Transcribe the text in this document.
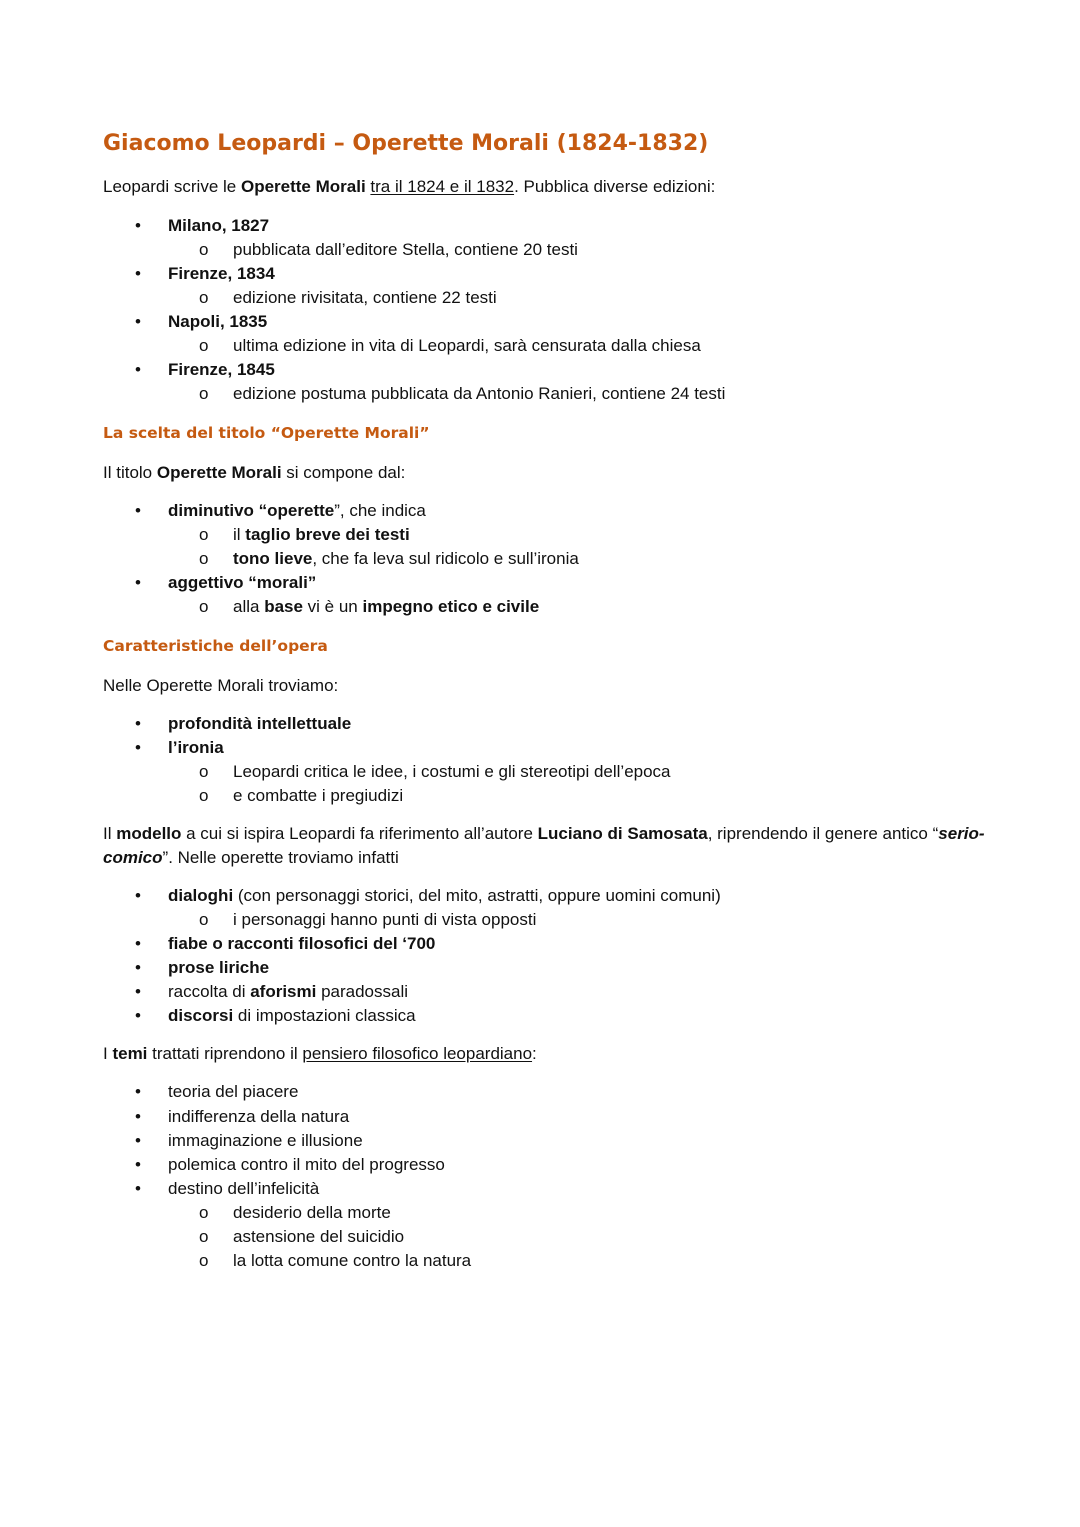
Giacomo Leopardi – Operette Morali (1824-1832)

Leopardi scrive le Operette Morali tra il 1824 e il 1832. Pubblica diverse edizioni:

• Milano, 1827
o pubblicata dall’editore Stella, contiene 20 testi
• Firenze, 1834
o edizione rivisitata, contiene 22 testi
• Napoli, 1835
o ultima edizione in vita di Leopardi, sarà censurata dalla chiesa
• Firenze, 1845
o edizione postuma pubblicata da Antonio Ranieri, contiene 24 testi
La scelta del titolo “Operette Morali”

Il titolo Operette Morali si compone dal:

• diminutivo “operette”, che indica
o il taglio breve dei testi
o tono lieve, che fa leva sul ridicolo e sull’ironia
• aggettivo “morali”
o alla base vi è un impegno etico e civile
Caratteristiche dell’opera

Nelle Operette Morali troviamo:

• profondità intellettuale
• l’ironia
o Leopardi critica le idee, i costumi e gli stereotipi dell’epoca
o e combatte i pregiudizi

Il modello a cui si ispira Leopardi fa riferimento all’autore Luciano di Samosata, riprendendo il genere antico “serio-comico”. Nelle operette troviamo infatti

• dialoghi (con personaggi storici, del mito, astratti, oppure uomini comuni)
o i personaggi hanno punti di vista opposti
• fiabe o racconti filosofici del ‘700
• prose liriche
• raccolta di aforismi paradossali
• discorsi di impostazioni classica

I temi trattati riprendono il pensiero filosofico leopardiano:

• teoria del piacere
• indifferenza della natura
• immaginazione e illusione
• polemica contro il mito del progresso
• destino dell’infelicità
o desiderio della morte
o astensione del suicidio
o la lotta comune contro la natura
